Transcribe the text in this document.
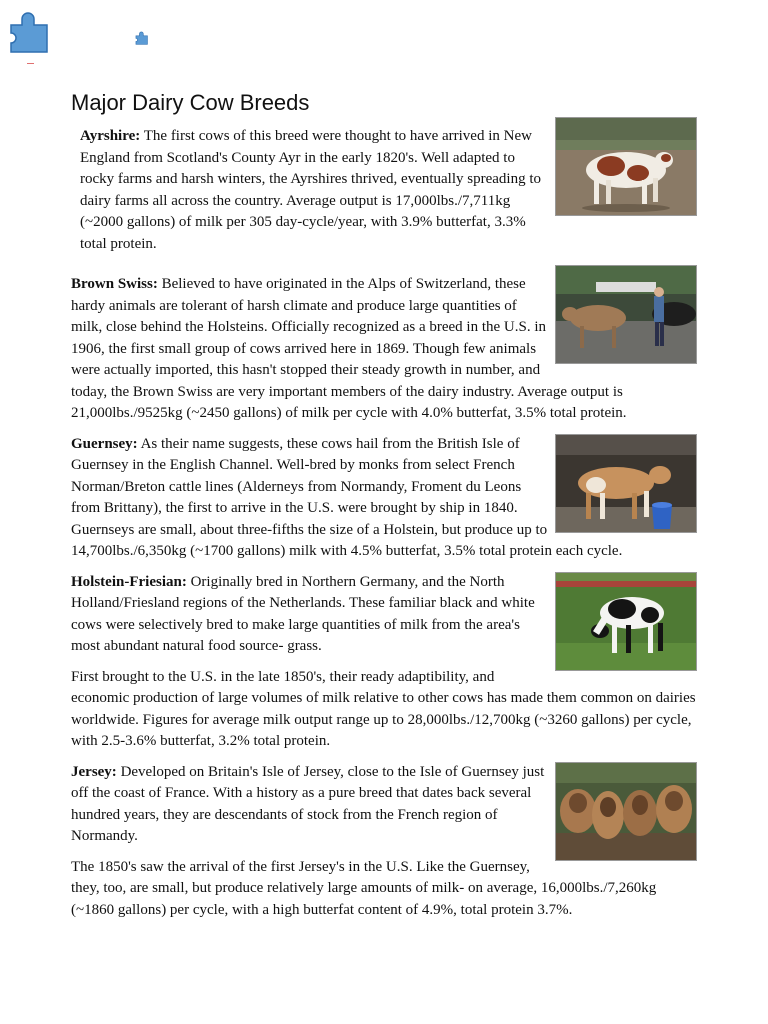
Major Dairy Cow Breeds

Ayrshire: The first cows of this breed were thought to have arrived in New England from Scotland's County Ayr in the early 1820's. Well adapted to rocky farms and harsh winters, the Ayrshires thrived, eventually spreading to dairy farms all across the country. Average output is 17,000lbs./7,711kg (~2000 gallons) of milk per 305 day-cycle/year, with 3.9% butterfat, 3.3% total protein.

Brown Swiss: Believed to have originated in the Alps of Switzerland, these hardy animals are tolerant of harsh climate and produce large quantities of milk, close behind the Holsteins. Officially recognized as a breed in the U.S. in 1906, the first small group of cows arrived here in 1869. Though few animals were actually imported, this hasn't stopped their steady growth in number, and today, the Brown Swiss are very important members of the dairy industry. Average output is 21,000lbs./9525kg (~2450 gallons) of milk per cycle with 4.0% butterfat, 3.5% total protein.

Guernsey: As their name suggests, these cows hail from the British Isle of Guernsey in the English Channel. Well-bred by monks from select French Norman/Breton cattle lines (Alderneys from Normandy, Froment du Leons from Brittany), the first to arrive in the U.S. were brought by ship in 1840. Guernseys are small, about three-fifths the size of a Holstein, but produce up to 14,700lbs./6,350kg (~1700 gallons) milk with 4.5% butterfat, 3.5% total protein each cycle.

Holstein-Friesian: Originally bred in Northern Germany, and the North Holland/Friesland regions of the Netherlands. These familiar black and white cows were selectively bred to make large quantities of milk from the area's most abundant natural food source- grass.

First brought to the U.S. in the late 1850's, their ready adaptibility, and economic production of large volumes of milk relative to other cows has made them common on dairies worldwide. Figures for average milk output range up to 28,000lbs./12,700kg (~3260 gallons) per cycle, with 2.5-3.6% butterfat, 3.2% total protein.

Jersey: Developed on Britain's Isle of Jersey, close to the Isle of Guernsey just off the coast of France. With a history as a pure breed that dates back several hundred years, they are descendants of stock from the French region of Normandy.

The 1850's saw the arrival of the first Jersey's in the U.S. Like the Guernsey, they, too, are small, but produce relatively large amounts of milk- on average, 16,000lbs./7,260kg (~1860 gallons) per cycle, with a high butterfat content of 4.9%, total protein 3.7%.
